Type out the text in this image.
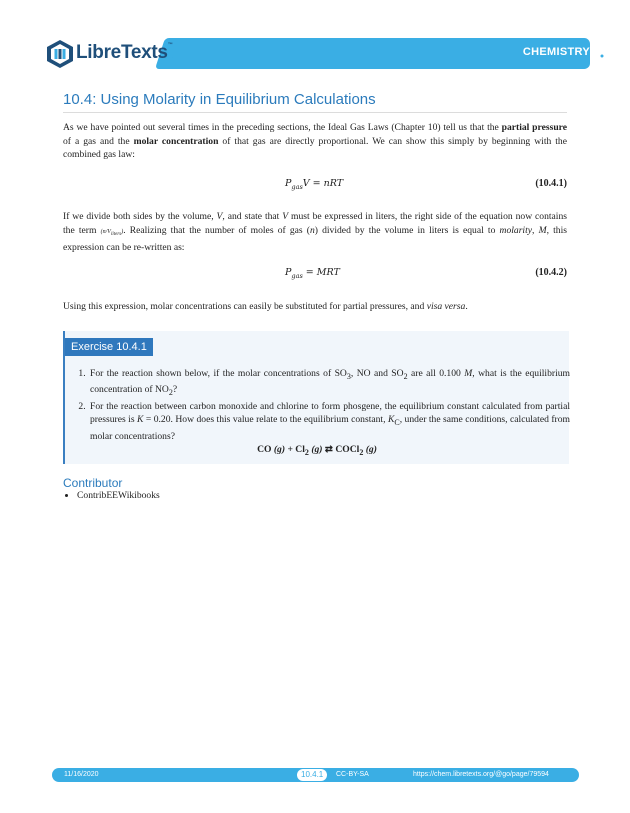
LibreTexts™
CHEMISTRY
10.4: Using Molarity in Equilibrium Calculations
As we have pointed out several times in the preceding sections, the Ideal Gas Laws (Chapter 10) tell us that the partial pressure of a gas and the molar concentration of that gas are directly proportional. We can show this simply by beginning with the combined gas law:
$P_{gas}V$ = nRT	(10.4.1)
If we divide both sides by the volume, V, and state that V must be expressed in liters, the right side of the equation now contains the term $(n/V_{liters})$. Realizing that the number of moles of gas (n) divided by the volume in liters is equal to molarity, M, this expression can be re-written as:
$P_{gas}$ = MRT	(10.4.2)
Using this expression, molar concentrations can easily be substituted for partial pressures, and visa versa.
Exercise 10.4.1
1. For the reaction shown below, if the molar concentrations of $SO_3$, NO and $SO_2$ are all 0.100 M, what is the equilibrium concentration of $NO_2$?
2. For the reaction between carbon monoxide and chlorine to form phosgene, the equilibrium constant calculated from partial pressures is K = 0.20. How does this value relate to the equilibrium constant, $K_C$, under the same conditions, calculated from molar concentrations?
CO $(g) + Cl_2$ (g) ⇄ COCl$_2$ (g)
Contributor
• ContribEEWikibooks
11/16/2020	10.4.1	CC-BY-SA	https://chem.libretexts.org/@go/page/79594
